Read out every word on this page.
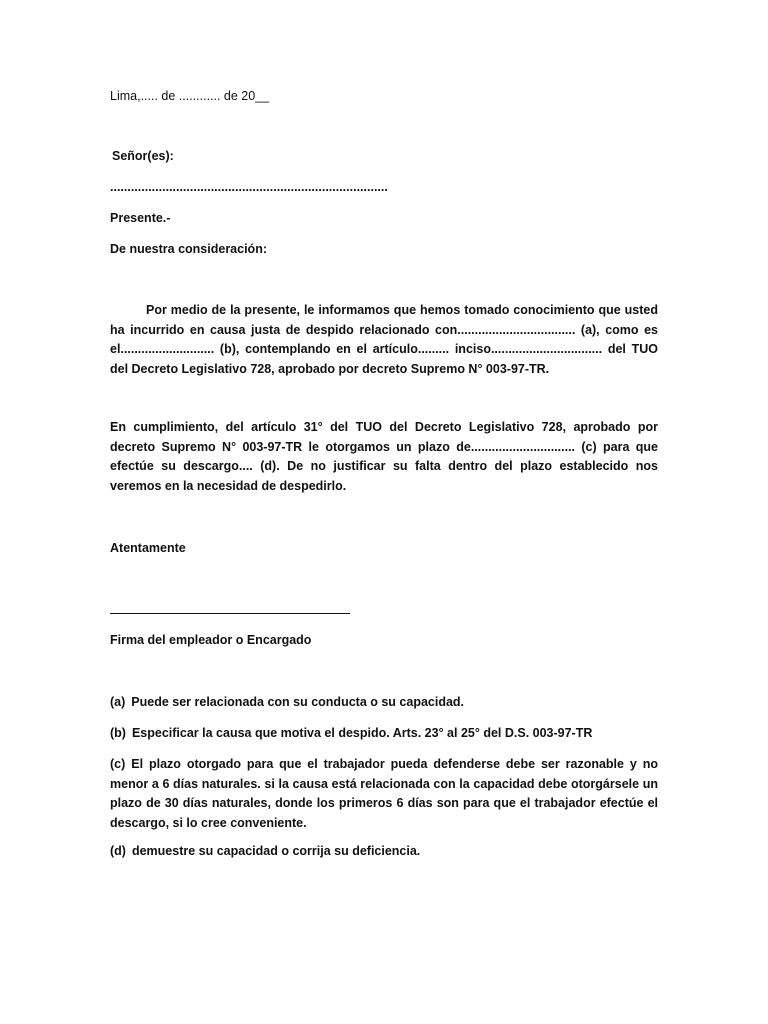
Lima,..... de ............ de 20__
Señor(es):
................................................................................
Presente.-
De nuestra consideración:
Por medio de la presente, le informamos que hemos tomado conocimiento que usted ha incurrido en causa justa de despido relacionado con.................................. (a), como es el........................... (b), contemplando en el artículo......... inciso................................ del TUO del Decreto Legislativo 728, aprobado por decreto Supremo N° 003-97-TR.
En cumplimiento, del artículo 31° del TUO del Decreto Legislativo 728, aprobado por decreto Supremo N° 003-97-TR le otorgamos un plazo de.............................. (c) para que efectúe su descargo.... (d). De no justificar su falta dentro del plazo establecido nos veremos en la necesidad de despedirlo.
Atentamente
Firma del empleador o Encargado
(a) Puede ser relacionada con su conducta o su capacidad.
(b) Especificar la causa que motiva el despido. Arts. 23° al 25° del D.S. 003-97-TR
(c) El plazo otorgado para que el trabajador pueda defenderse debe ser razonable y no menor a 6 días naturales. si la causa está relacionada con la capacidad debe otorgársele un plazo de 30 días naturales, donde los primeros 6 días son para que el trabajador efectúe el descargo, si lo cree conveniente.
(d) demuestre su capacidad o corrija su deficiencia.
